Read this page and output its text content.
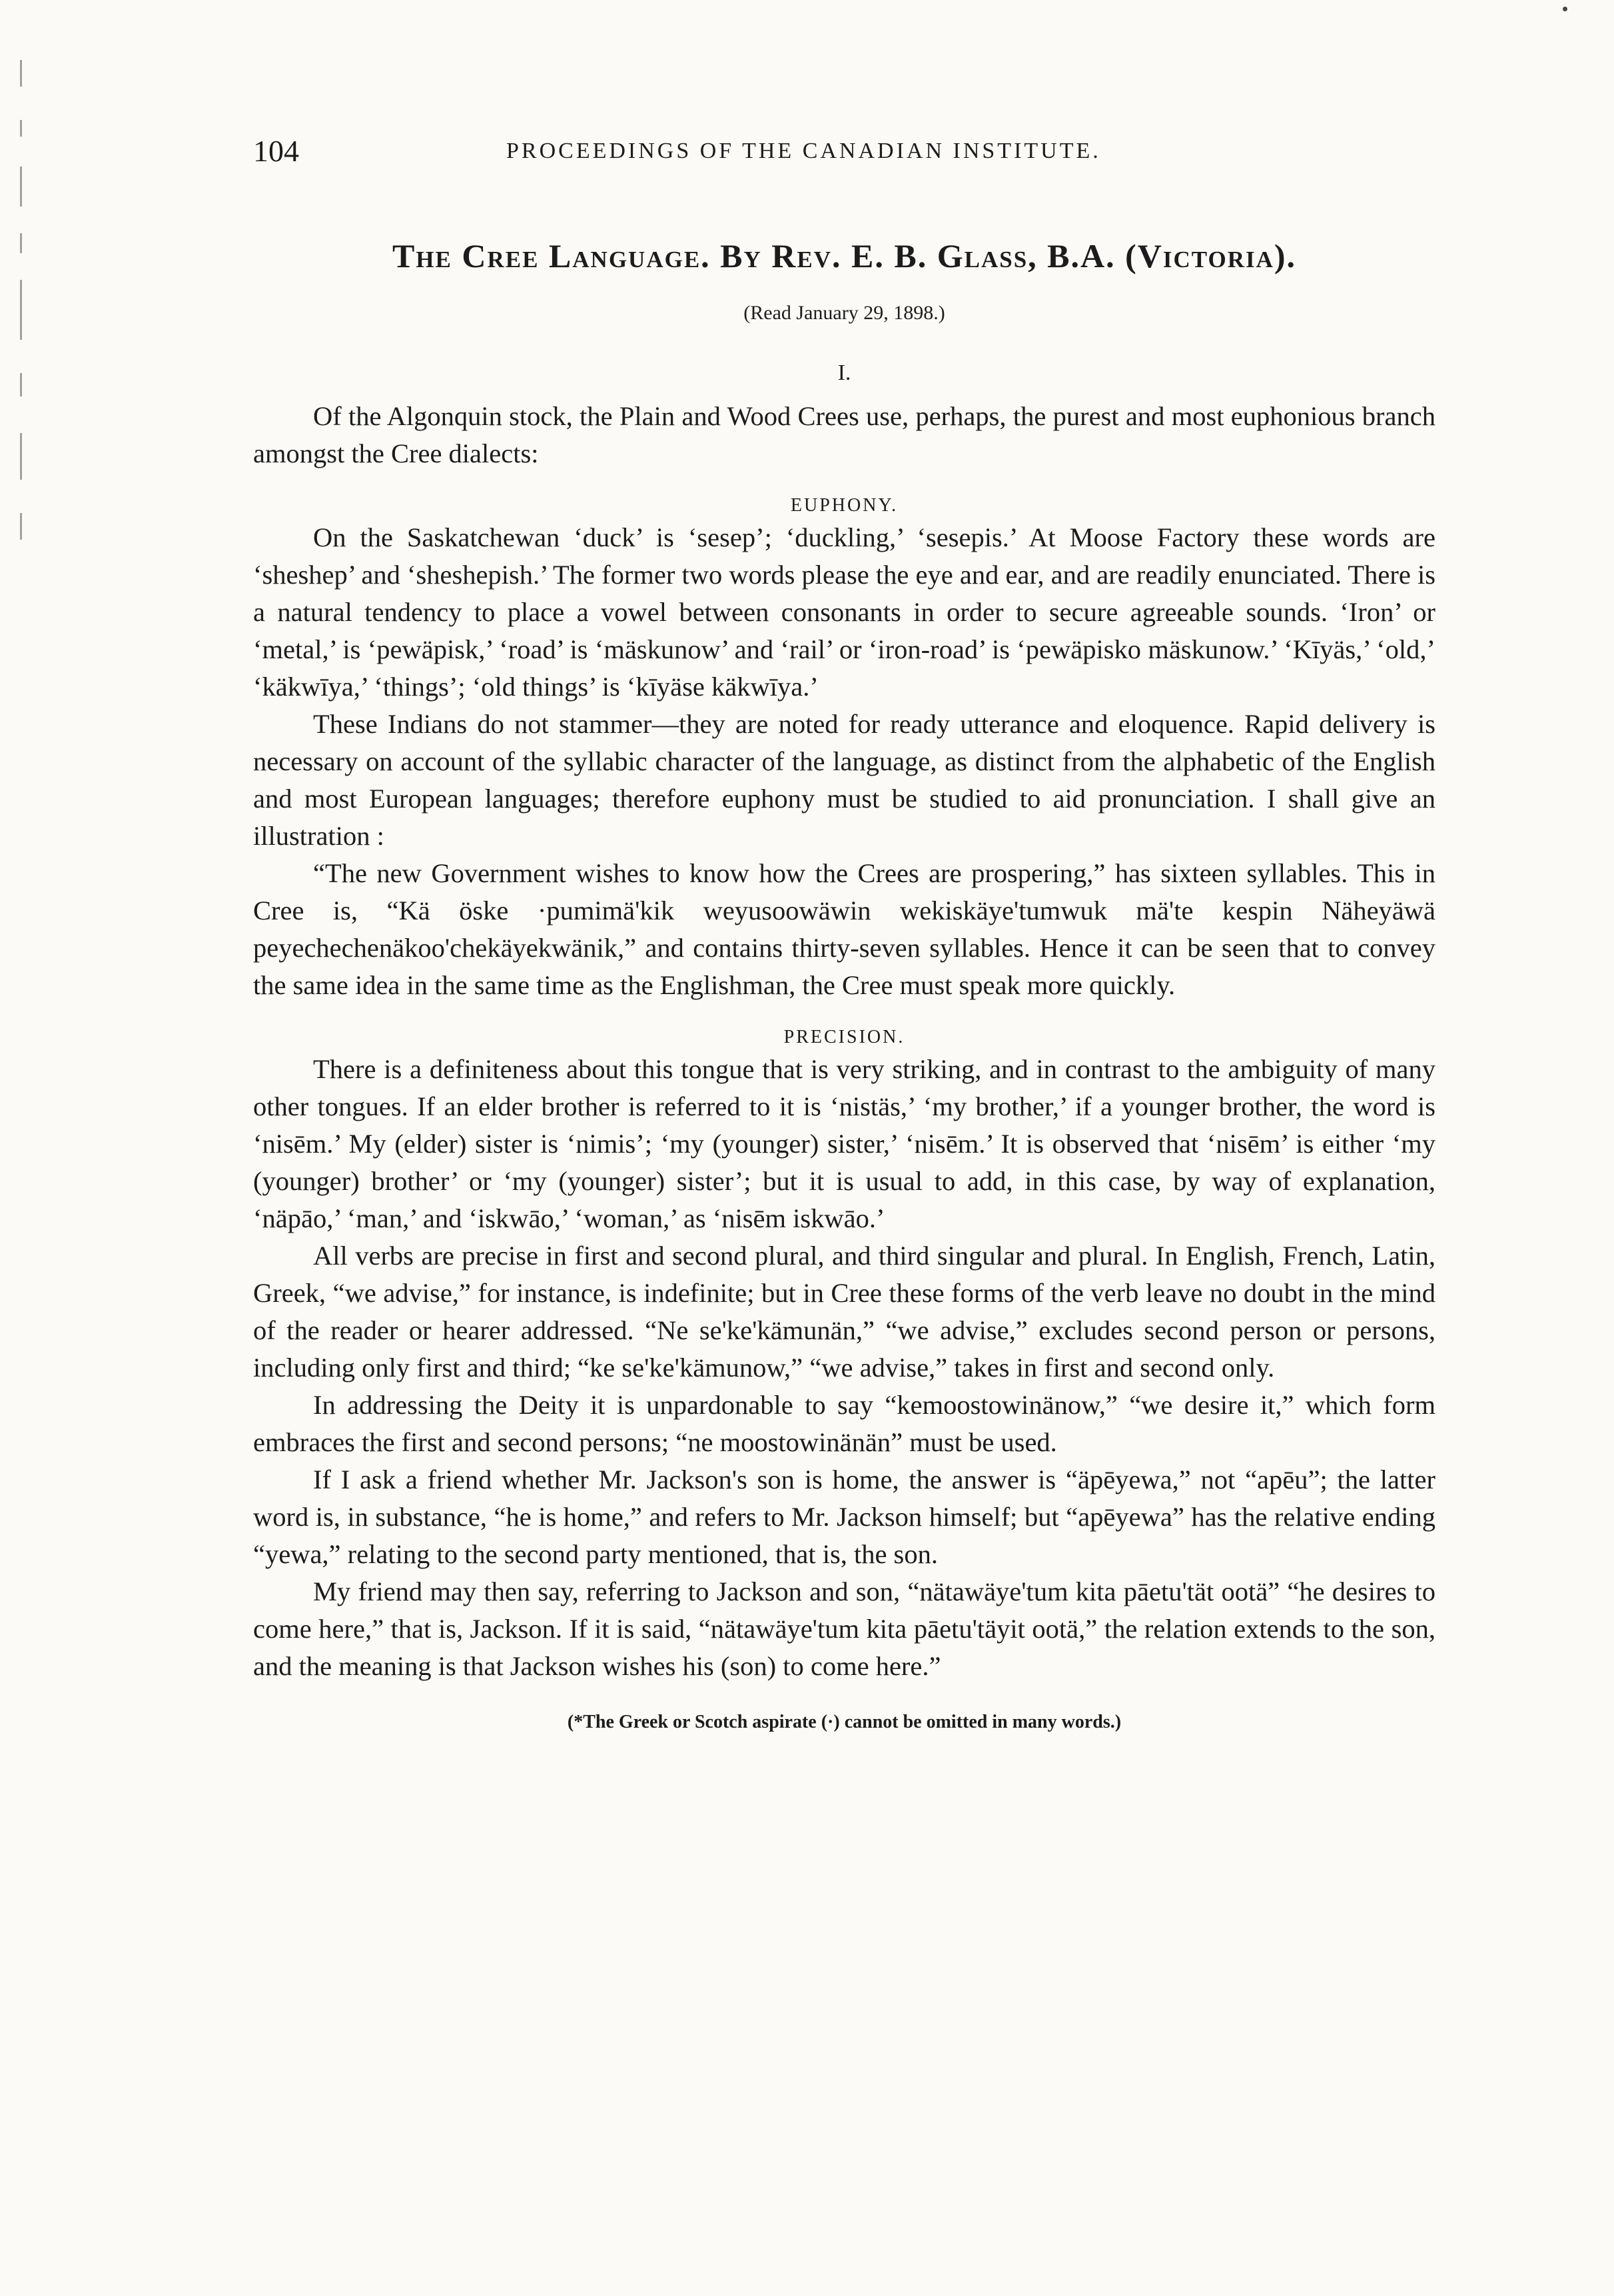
104	PROCEEDINGS OF THE CANADIAN INSTITUTE.
The Cree Language. By Rev. E. B. Glass, B.A. (Victoria).

(Read January 29, 1898.)

I.

Of the Algonquin stock, the Plain and Wood Crees use, perhaps, the purest and most euphonious branch amongst the Cree dialects:

EUPHONY.

On the Saskatchewan ‘duck’ is ‘sesep’; ‘duckling,’ ‘sesepis.’ At Moose Factory these words are ‘sheshep’ and ‘sheshepish.’ The former two words please the eye and ear, and are readily enunciated. There is a natural tendency to place a vowel between consonants in order to secure agreeable sounds. ‘Iron’ or ‘metal,’ is ‘pewäpisk,’ ‘road’ is ‘mäskunow’ and ‘rail’ or ‘iron-road’ is ‘pewäpisko mäskunow.’ ‘Kīyäs,’ ‘old,’ ‘käkwīya,’ ‘things’; ‘old things’ is ‘kīyäse käkwīya.’

These Indians do not stammer—they are noted for ready utterance and eloquence. Rapid delivery is necessary on account of the syllabic character of the language, as distinct from the alphabetic of the English and most European languages; therefore euphony must be studied to aid pronunciation. I shall give an illustration :

“The new Government wishes to know how the Crees are prospering,” has sixteen syllables. This in Cree is, “Kä öske ·pumimä'kik weyusoowäwin wekiskäye'tumwuk mä'te kespin Näheyäwä peyechechenäkoo'chekäyekwänik,” and contains thirty-seven syllables. Hence it can be seen that to convey the same idea in the same time as the Englishman, the Cree must speak more quickly.

PRECISION.

There is a definiteness about this tongue that is very striking, and in contrast to the ambiguity of many other tongues. If an elder brother is referred to it is ‘nistäs,’ ‘my brother,’ if a younger brother, the word is ‘nisēm.’ My (elder) sister is ‘nimis’; ‘my (younger) sister,’ ‘nisēm.’ It is observed that ‘nisēm’ is either ‘my (younger) brother’ or ‘my (younger) sister’; but it is usual to add, in this case, by way of explanation, ‘näpāo,’ ‘man,’ and ‘iskwāo,’ ‘woman,’ as ‘nisēm iskwāo.’

All verbs are precise in first and second plural, and third singular and plural. In English, French, Latin, Greek, “we advise,” for instance, is indefinite; but in Cree these forms of the verb leave no doubt in the mind of the reader or hearer addressed. “Ne se'ke'kämunän,” “we advise,” excludes second person or persons, including only first and third; “ke se'ke'kämunow,” “we advise,” takes in first and second only.

In addressing the Deity it is unpardonable to say “kemoostowinänow,” “we desire it,” which form embraces the first and second persons; “ne moostowinänän” must be used.

If I ask a friend whether Mr. Jackson's son is home, the answer is “äpēyewa,” not “apēu”; the latter word is, in substance, “he is home,” and refers to Mr. Jackson himself; but “apēyewa” has the relative ending “yewa,” relating to the second party mentioned, that is, the son.

My friend may then say, referring to Jackson and son, “nätawäye'tum kita pāetu'tät ootä” “he desires to come here,” that is, Jackson. If it is said, “nätawäye'tum kita pāetu'täyit ootä,” the relation extends to the son, and the meaning is that Jackson wishes his (son) to come here.”

(*The Greek or Scotch aspirate (·) cannot be omitted in many words.)
